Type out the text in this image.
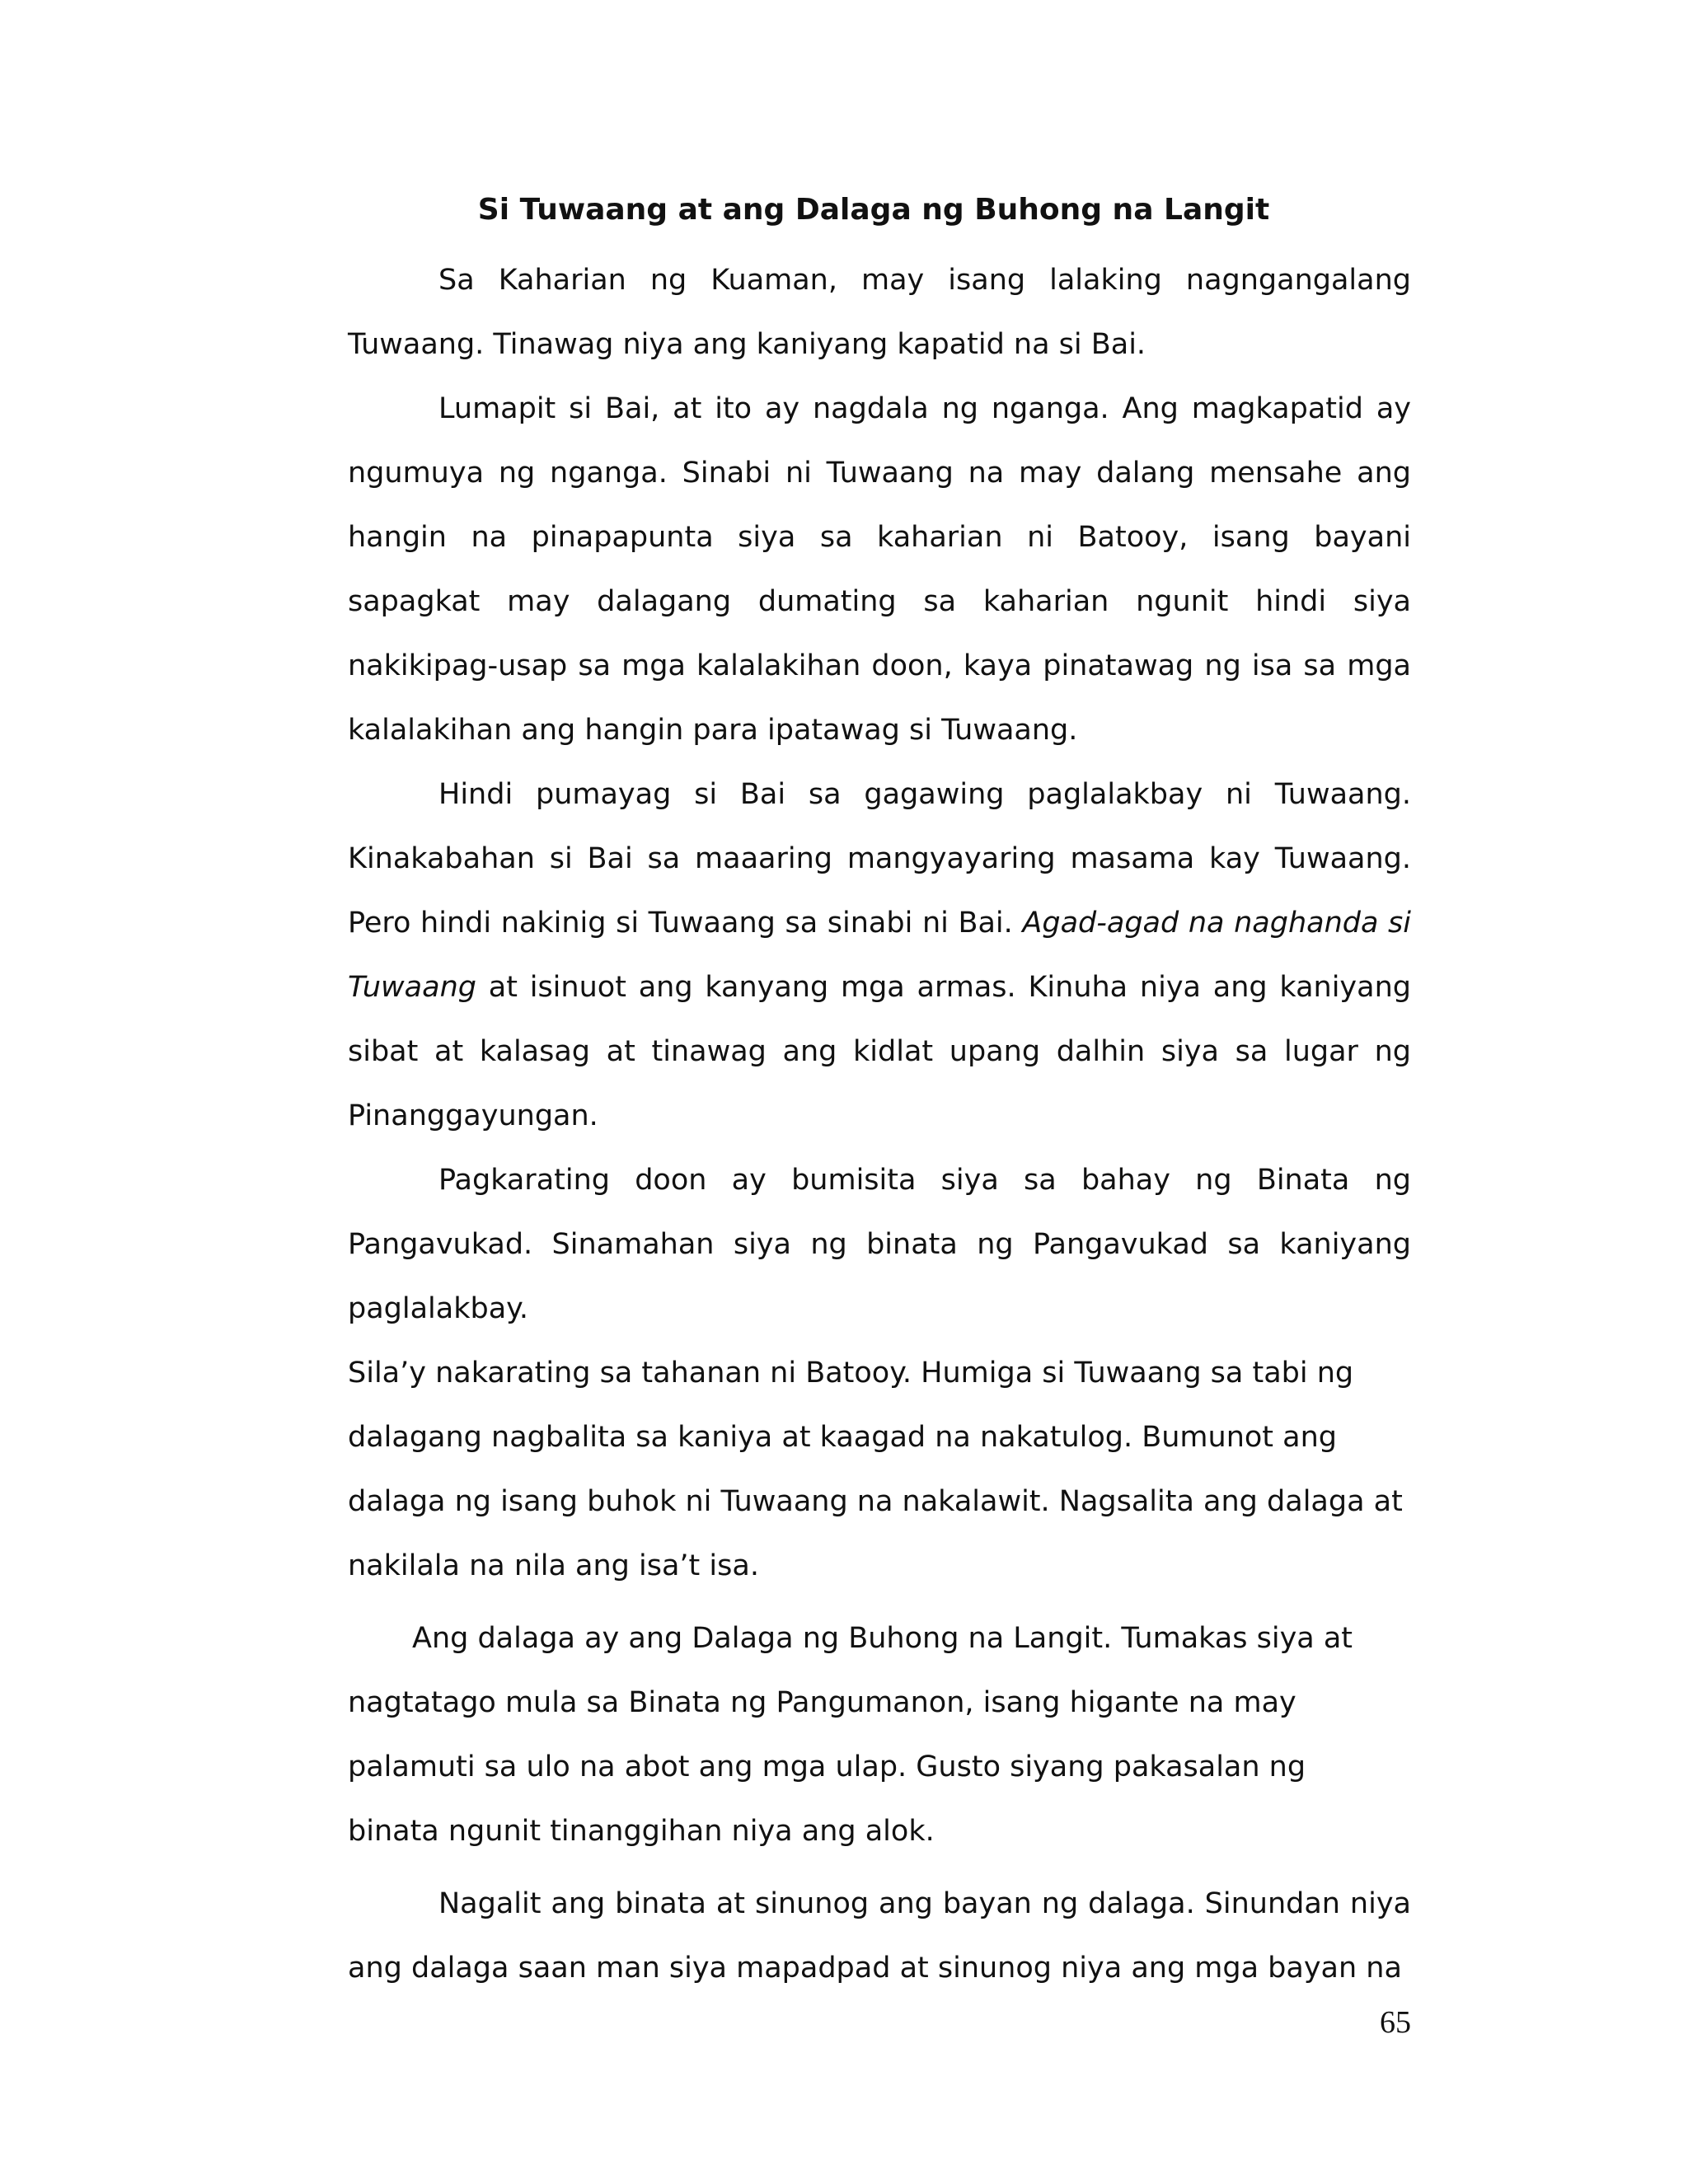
Si Tuwaang at ang Dalaga ng Buhong na Langit

Sa Kaharian ng Kuaman, may isang lalaking nagngangalang Tuwaang. Tinawag niya ang kaniyang kapatid na si Bai.

Lumapit si Bai, at ito ay nagdala ng nganga. Ang magkapatid ay ngumuya ng nganga. Sinabi ni Tuwaang na may dalang mensahe ang hangin na pinapapunta siya sa kaharian ni Batooy, isang bayani sapagkat may dalagang dumating sa kaharian ngunit hindi siya nakikipag-usap sa mga kalalakihan doon, kaya pinatawag ng isa sa mga kalalakihan ang hangin para ipatawag si Tuwaang.

Hindi pumayag si Bai sa gagawing paglalakbay ni Tuwaang. Kinakabahan si Bai sa maaaring mangyayaring masama kay Tuwaang. Pero hindi nakinig si Tuwaang sa sinabi ni Bai. Agad-agad na naghanda si Tuwaang at isinuot ang kanyang mga armas. Kinuha niya ang kaniyang sibat at kalasag at tinawag ang kidlat upang dalhin siya sa lugar ng Pinanggayungan.

Pagkarating doon ay bumisita siya sa bahay ng Binata ng Pangavukad. Sinamahan siya ng binata ng Pangavukad sa kaniyang paglalakbay.

Sila’y nakarating sa tahanan ni Batooy. Humiga si Tuwaang sa tabi ng dalagang nagbalita sa kaniya at kaagad na nakatulog. Bumunot ang dalaga ng isang buhok ni Tuwaang na nakalawit. Nagsalita ang dalaga at nakilala na nila ang isa’t isa.

Ang dalaga ay ang Dalaga ng Buhong na Langit. Tumakas siya at nagtatago mula sa Binata ng Pangumanon, isang higante na may palamuti sa ulo na abot ang mga ulap. Gusto siyang pakasalan ng binata ngunit tinanggihan niya ang alok.

Nagalit ang binata at sinunog ang bayan ng dalaga. Sinundan niya ang dalaga saan man siya mapadpad at sinunog niya ang mga bayan na

65
